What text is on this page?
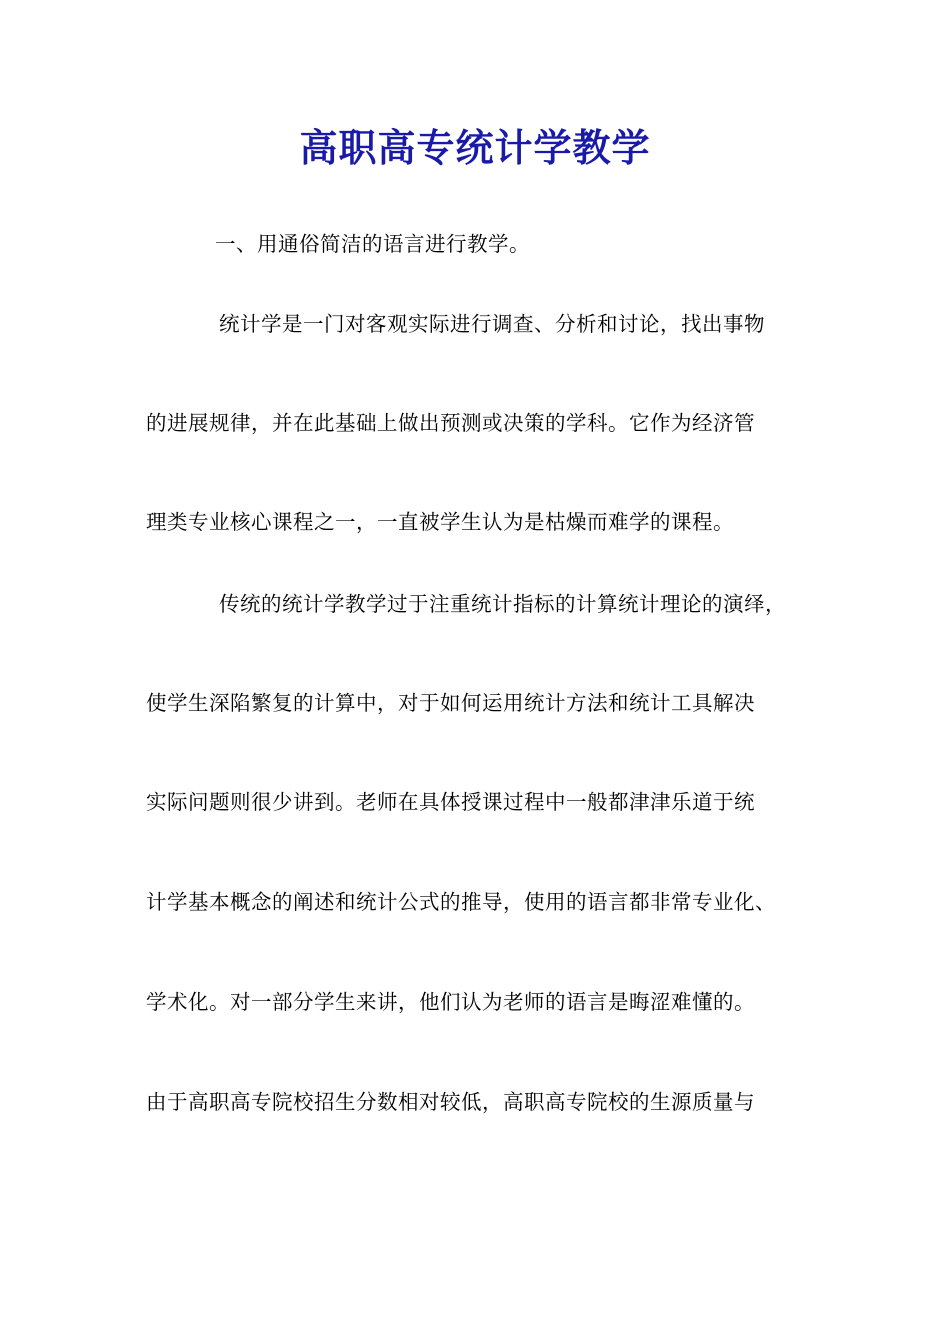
高职高专统计学教学
一、用通俗简洁的语言进行教学。
统计学是一门对客观实际进行调查、分析和讨论，找出事物
的进展规律，并在此基础上做出预测或决策的学科。它作为经济管
理类专业核心课程之一，一直被学生认为是枯燥而难学的课程。
传统的统计学教学过于注重统计指标的计算统计理论的演绎，
使学生深陷繁复的计算中，对于如何运用统计方法和统计工具解决
实际问题则很少讲到。老师在具体授课过程中一般都津津乐道于统
计学基本概念的阐述和统计公式的推导，使用的语言都非常专业化、
学术化。对一部分学生来讲，他们认为老师的语言是晦涩难懂的。
由于高职高专院校招生分数相对较低，高职高专院校的生源质量与
